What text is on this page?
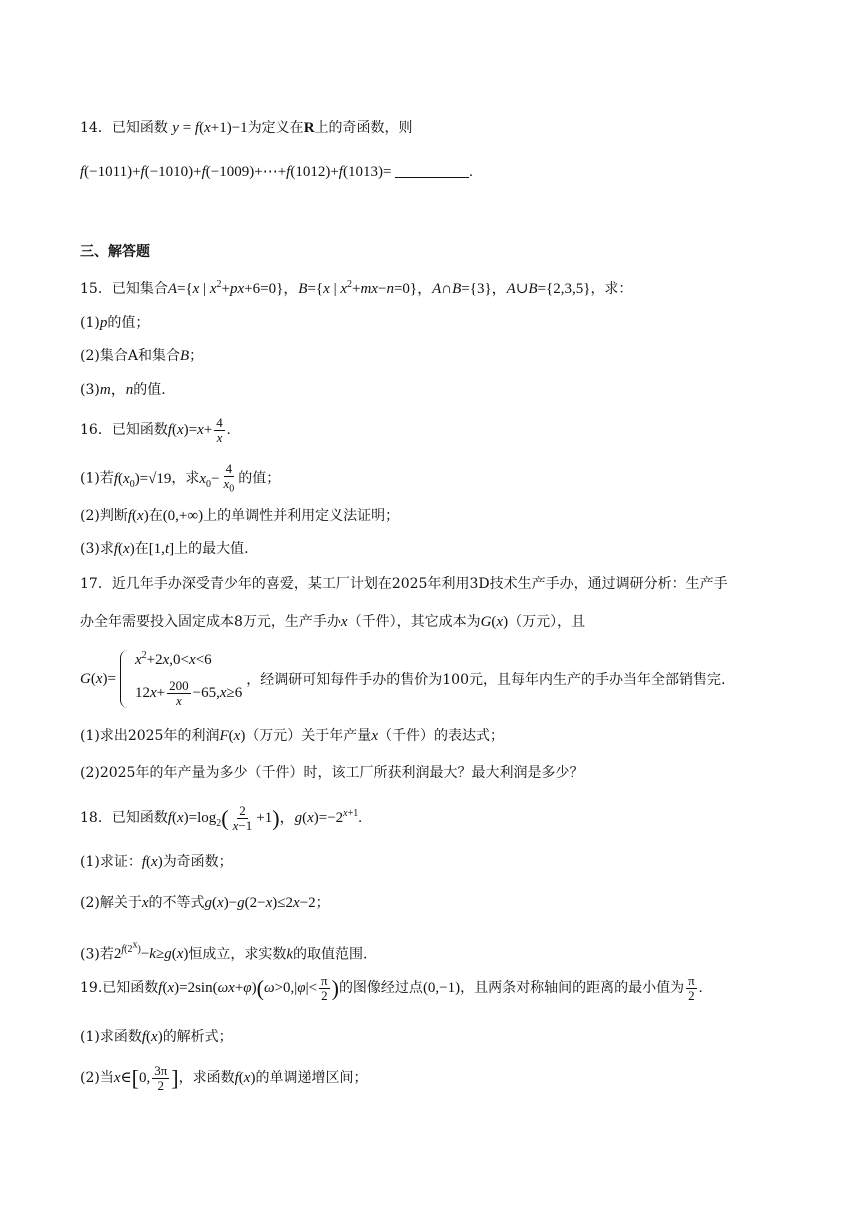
14．已知函数 y = f(x+1)−1为定义在R上的奇函数，则
f(−1011)+f(−1010)+f(−1009)+⋯+f(1012)+f(1013)=	.
三、解答题
15．已知集合A={x | $x^2+px+6=0$}，B={x | $x^2+mx-n=0$}，A∩B={3}，A∪B={2,3,5}，求：
(1)p的值；
(2)集合A和集合B；
(3)m，n的值.
16．已知函数$f(x)=x+ \frac{4}{x}$ .
(1)若$f(x_0)=√19$，求$x_0- \frac{4}{x_0}$ 的值；
(2)判断f(x)在(0,+∞)上的单调性并利用定义法证明；
(3)求f(x)在[1,t]上的最大值.
17．近几年手办深受青少年的喜爱，某工厂计划在2025年利用3D技术生产手办，通过调研分析：生产手
办全年需要投入固定成本8万元，生产手办x（千件），其它成本为G(x)（万元），且
G(x)=
$x^2+2x,0<x<6$
$12x+ \frac{200}{x} -65,x\ge 6$
，经调研可知每件手办的售价为100元，且每年内生产的手办当年全部销售完.
(1)求出2025年的利润F(x)（万元）关于年产量x（千件）的表达式；
(2)2025年的年产量为多少（千件）时，该工厂所获利润最大？最大利润是多少？
18．已知函数$f(x)=\log_2( \frac{2}{x-1} +1)$，$g(x)=-2^{x+1}$.
(1)求证：f(x)为奇函数；
(2)解关于x的不等式g(x)−g(2−x)≤2x−2；
(3)若$2^{f(2^x)}-k\ge g(x)$恒成立，求实数k的取值范围.
19.已知函数$f(x)=2\sin(\omega x+\varphi)(\omega>0,|\varphi|< \frac{\pi}{2}$ )的图像经过点(0,−1)，且两条对称轴间的距离的最小值为 $\frac{\pi}{2}$ .
(1)求函数f(x)的解析式；
(2)当x∈[0, $\frac{3\pi}{2}$ ]，求函数f(x)的单调递增区间；
